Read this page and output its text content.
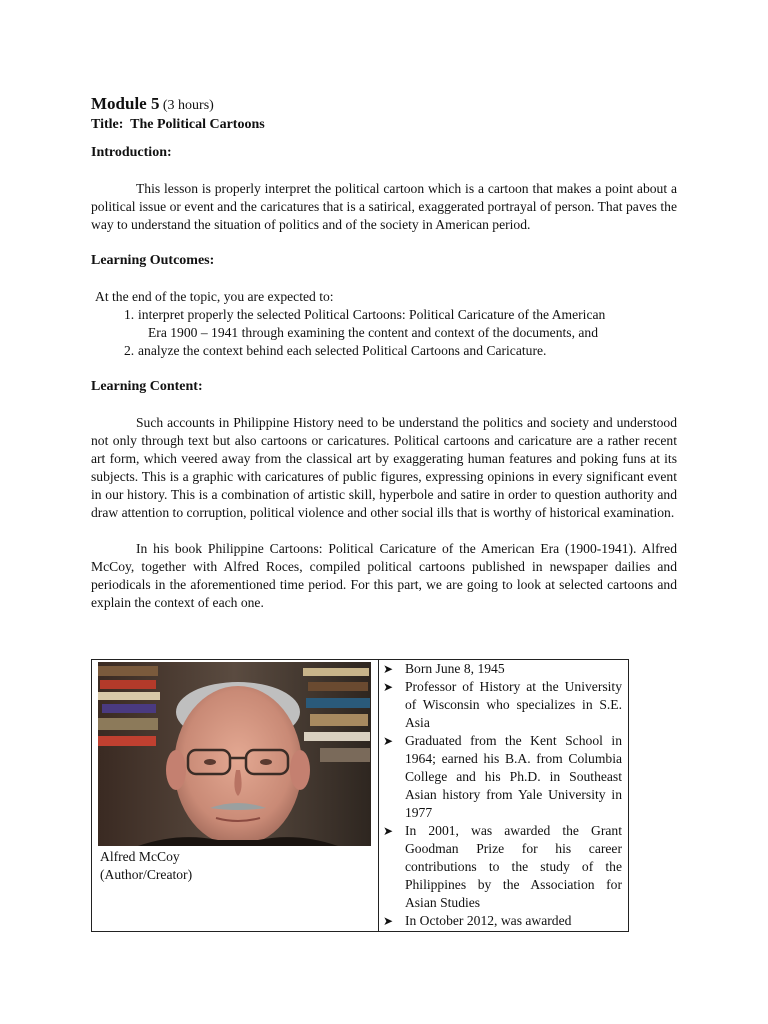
Module 5 (3 hours)

Title: The Political Cartoons

Introduction:

This lesson is properly interpret the political cartoon which is a cartoon that makes a point about a political issue or event and the caricatures that is a satirical, exaggerated portrayal of person. That paves the way to understand the situation of politics and of the society in American period.

Learning Outcomes:

At the end of the topic, you are expected to:

1. interpret properly the selected Political Cartoons: Political Caricature of the American
Era 1900 – 1941 through examining the content and context of the documents, and
2. analyze the context behind each selected Political Cartoons and Caricature.
Learning Content:

Such accounts in Philippine History need to be understand the politics and society and understood not only through text but also cartoons or caricatures. Political cartoons and caricature are a rather recent art form, which veered away from the classical art by exaggerating human features and poking funs at its subjects. This is a graphic with caricatures of public figures, expressing opinions in every significant event in our history. This is a combination of artistic skill, hyperbole and satire in order to question authority and draw attention to corruption, political violence and other social ills that is worthy of historical examination.

In his book Philippine Cartoons: Political Caricature of the American Era (1900-1941). Alfred McCoy, together with Alfred Roces, compiled political cartoons published in newspaper dailies and periodicals in the aforementioned time period. For this part, we are going to look at selected cartoons and explain the context of each one.

Alfred McCoy
(Author/Creator)

➤ Born June 8, 1945
➤ Professor of History at the University of Wisconsin who specializes in S.E. Asia
➤ Graduated from the Kent School in 1964; earned his B.A. from Columbia College and his Ph.D. in Southeast Asian history from Yale University in 1977
➤ In 2001, was awarded the Grant Goodman Prize for his career contributions to the study of the Philippines by the Association for Asian Studies
➤ In October 2012, was awarded
